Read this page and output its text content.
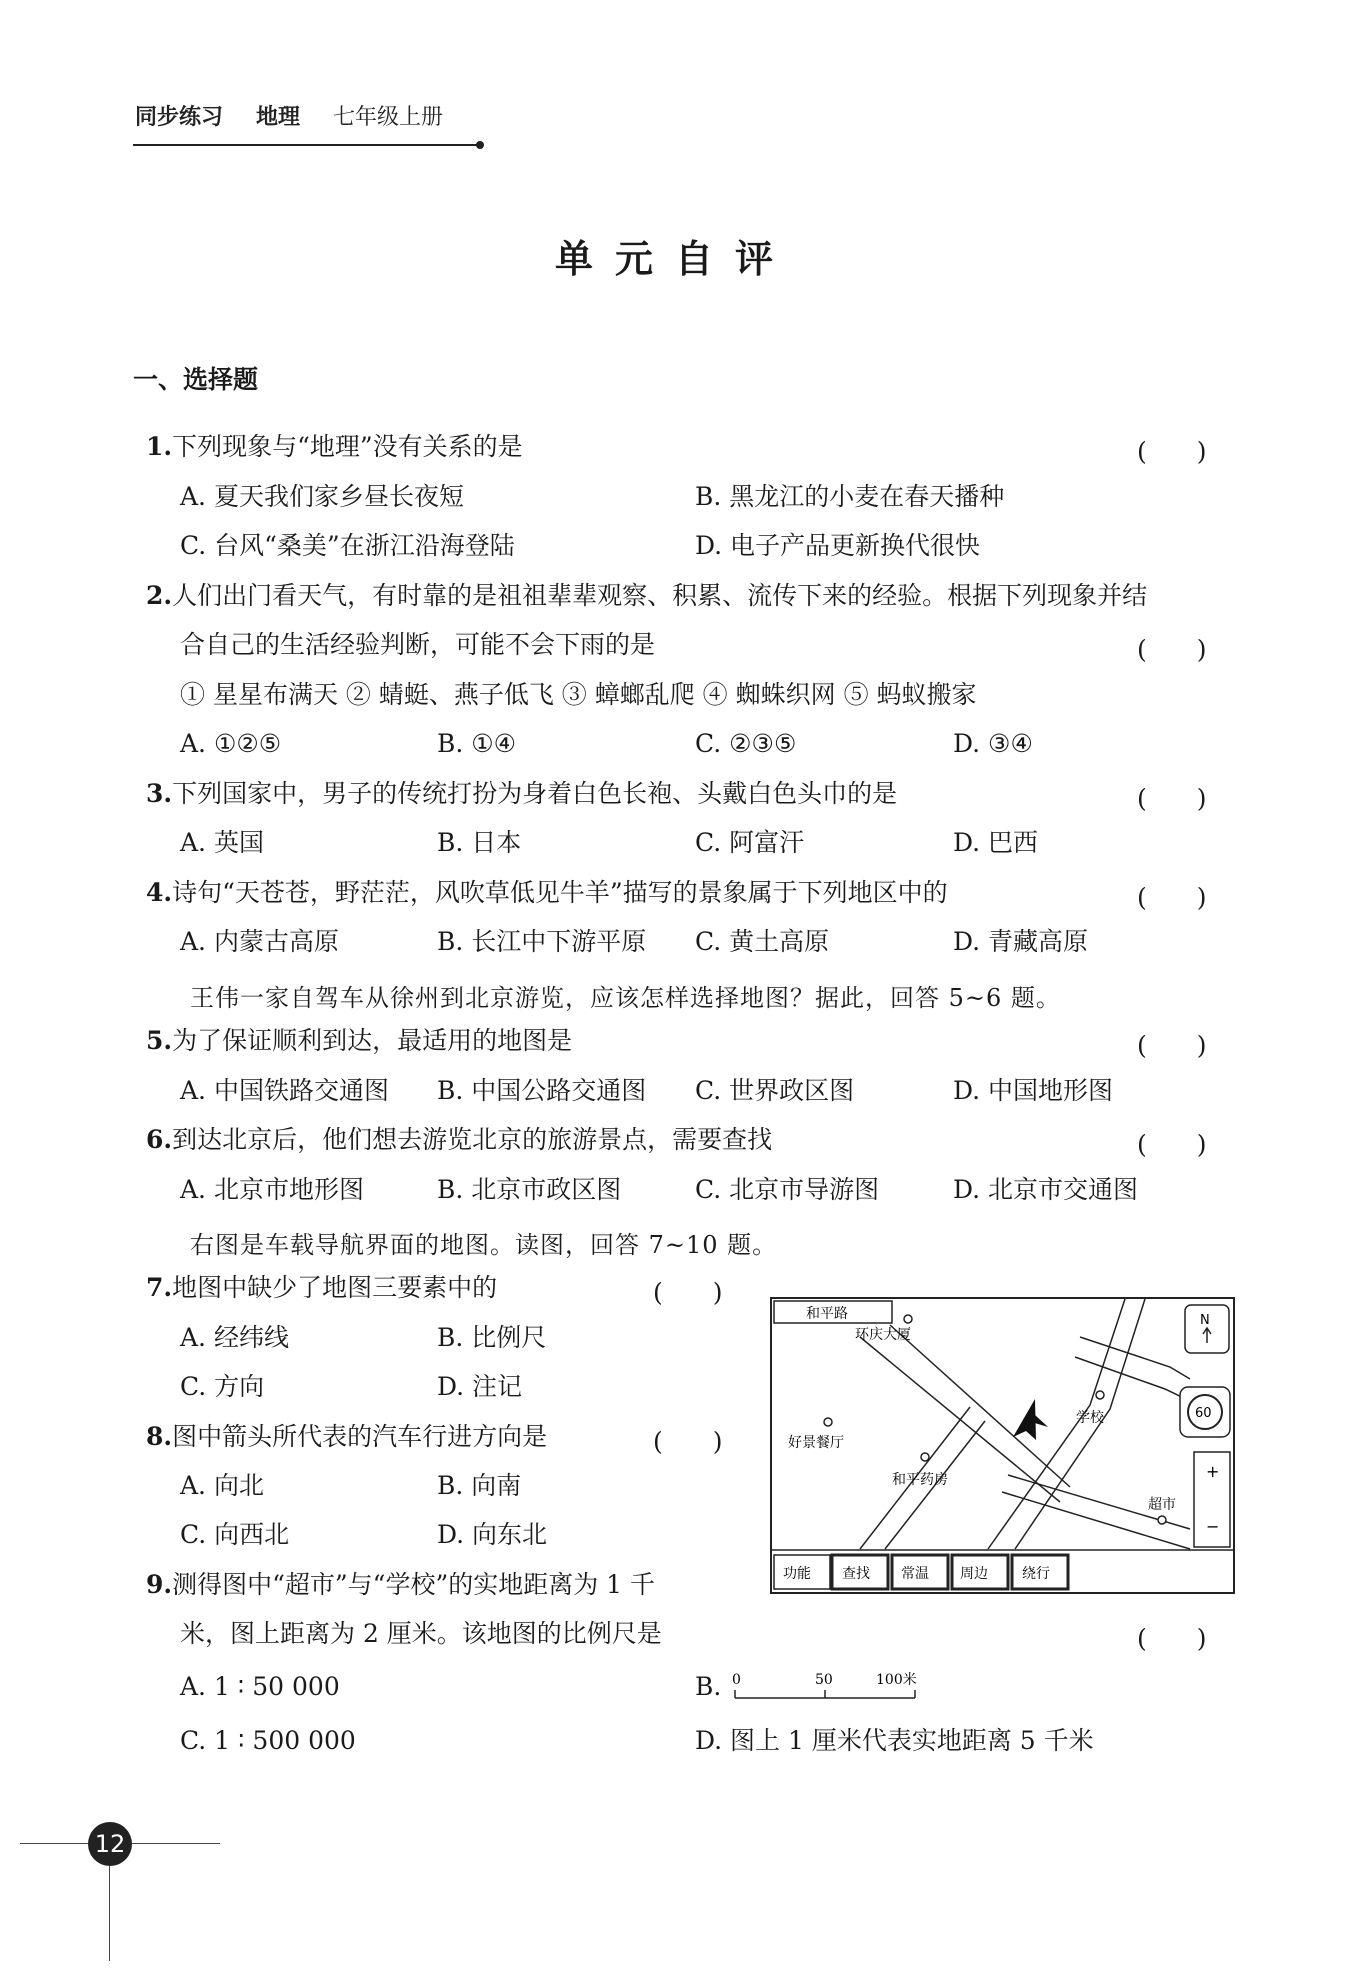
同步练习 地理 七年级上册
单元自评
一、选择题
1.下列现象与“地理”没有关系的是	(　　)
A. 夏天我们家乡昼长夜短	B. 黑龙江的小麦在春天播种
C. 台风“桑美”在浙江沿海登陆	D. 电子产品更新换代很快
2.人们出门看天气，有时靠的是祖祖辈辈观察、积累、流传下来的经验。根据下列现象并结
合自己的生活经验判断，可能不会下雨的是	(　　)
① 星星布满天 ② 蜻蜓、燕子低飞 ③ 蟑螂乱爬 ④ 蜘蛛织网 ⑤ 蚂蚁搬家
A. ①②⑤	B. ①④	C. ②③⑤	D. ③④
3.下列国家中，男子的传统打扮为身着白色长袍、头戴白色头巾的是	(　　)
A. 英国	B. 日本	C. 阿富汗	D. 巴西
4.诗句“天苍苍，野茫茫，风吹草低见牛羊”描写的景象属于下列地区中的	(　　)
A. 内蒙古高原	B. 长江中下游平原 C. 黄土高原	D. 青藏高原
王伟一家自驾车从徐州到北京游览，应该怎样选择地图？据此，回答 5~6 题。
5.为了保证顺利到达，最适用的地图是	(　　)
A. 中国铁路交通图 B. 中国公路交通图 C. 世界政区图	D. 中国地形图
6.到达北京后，他们想去游览北京的旅游景点，需要查找	(　　)
A. 北京市地形图	B. 北京市政区图	C. 北京市导游图	D. 北京市交通图
右图是车载导航界面的地图。读图，回答 7~10 题。
7.地图中缺少了地图三要素中的	(　　)
A. 经纬线	B. 比例尺
C. 方向	D. 注记
8.图中箭头所代表的汽车行进方向是	(　　)
A. 向北	B. 向南
C. 向西北	D. 向东北
9.测得图中“超市”与“学校”的实地距离为 1 千
米，图上距离为 2 厘米。该地图的比例尺是	(　　)
A. 1 ∶ 50 000	B.
C. 1 ∶ 500 000	D. 图上 1 厘米代表实地距离 5 千米
0	50	100米
和平路
环庆大厦
好景餐厅
学校
和平药房
超市
N
60
+
−
功能 查找 常温 周边 绕行
12
